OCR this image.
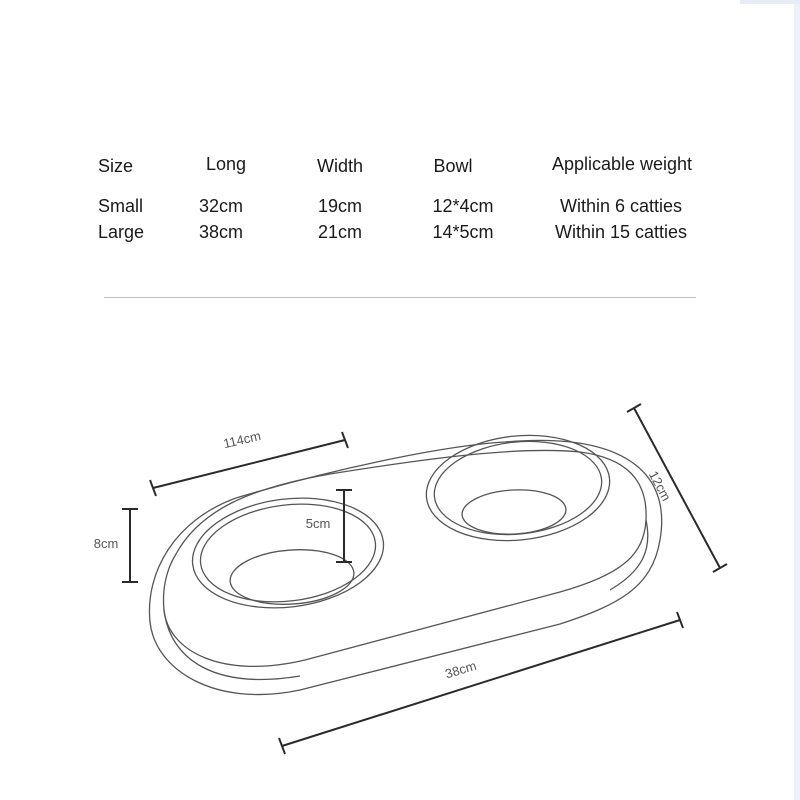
Size	Long	Width	Bowl	Applicable weight
Small	32cm	19cm	12*4cm	Within 6 catties
Large	38cm	21cm	14*5cm	Within 15 catties
114cm
5cm
8cm
12cm
38cm
